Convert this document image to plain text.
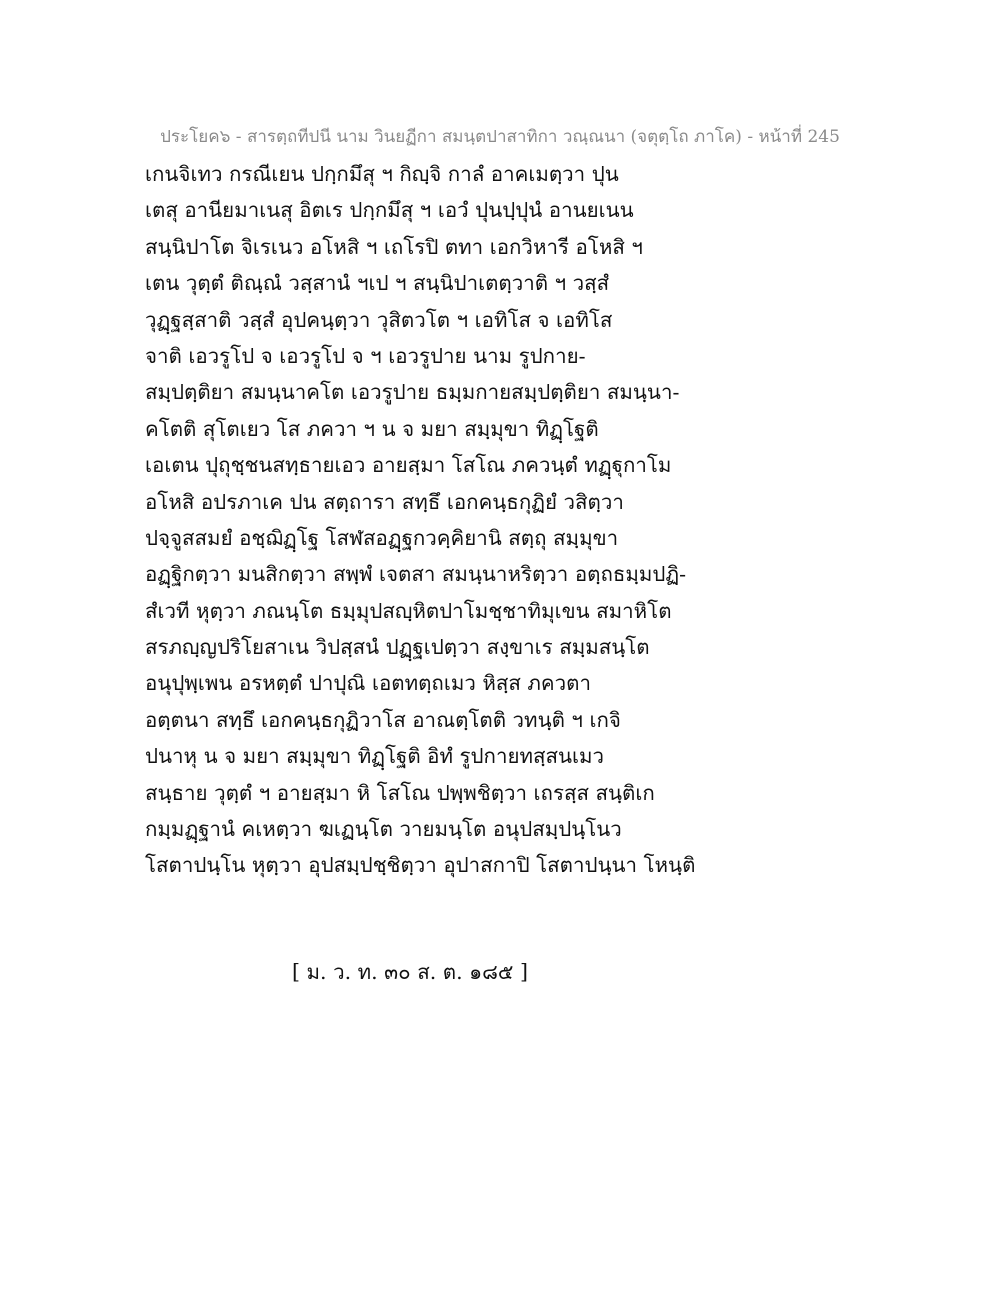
ประโยค๖ - สารตฺถทีปนี นาม วินยฏีกา สมนฺตปาสาทิกา วณฺณนา (จตุตฺโถ ภาโค) - หน้าที่ 245
เกนจิเทว กรณีเยน ปกฺกมึสุ ฯ กิญฺจิ กาลํ อาคเมตฺวา ปุน
เตสุ อานียมาเนสุ อิตเร ปกฺกมึสุ ฯ เอวํ ปุนปฺปุนํ อานยเนน
สนฺนิปาโต จิเรเนว อโหสิ ฯ เถโรปิ ตทา เอกวิหารี อโหสิ ฯ
เตน วุตฺตํ ติณฺณํ วสฺสานํ ฯเป ฯ สนฺนิปาเตตฺวาติ ฯ วสฺสํ
วุฏฺฐสฺสาติ วสฺสํ อุปคนฺตฺวา วุสิตวโต ฯ เอทิโส จ เอทิโส
จาติ เอวรูโป จ เอวรูโป จ ฯ เอวรูปาย นาม รูปกาย-
สมฺปตฺติยา สมนฺนาคโต เอวรูปาย ธมฺมกายสมฺปตฺติยา สมนฺนา-
คโตติ สุโตเยว โส ภควา ฯ น จ มยา สมฺมุขา ทิฏฺโฐติ
เอเตน ปุถุชฺชนสทฺธายเอว อายสฺมา โสโณ ภควนฺตํ ทฏฺฐุกาโม
อโหสิ อปรภาเค ปน สตฺถารา สทฺธึ เอกคนฺธกุฏิยํ วสิตฺวา
ปจฺจูสสมยํ อชฺฌิฏฺโฐ โสฬสอฏฺฐกวคฺคิยานิ สตฺถุ สมฺมุขา
อฏฺฐิกตฺวา มนสิกตฺวา สพฺพํ เจตสา สมนฺนาหริตฺวา อตฺถธมฺมปฏิ-
สํเวที หุตฺวา ภณนฺโต ธมฺมุปสญฺหิตปาโมชฺชาทิมุเขน สมาหิโต
สรภญฺญปริโยสาเน วิปสฺสนํ ปฏฺฐเปตฺวา สงฺขาเร สมฺมสนฺโต
อนุปุพฺเพน อรหตฺตํ ปาปุณิ เอตทตฺถเมว หิสฺส ภควตา
อตฺตนา สทฺธึ เอกคนฺธกุฏิวาโส อาณตฺโตติ วทนฺติ ฯ เกจิ
ปนาหุ น จ มยา สมฺมุขา ทิฏฺโฐติ อิทํ รูปกายทสฺสนเมว
สนฺธาย วุตฺตํ ฯ อายสฺมา หิ โสโณ ปพฺพชิตฺวา เถรสฺส สนฺติเก
กมฺมฏฺฐานํ คเหตฺวา ฆเฏนฺโต วายมนฺโต อนุปสมฺปนฺโนว
โสตาปนฺโน หุตฺวา อุปสมฺปชฺชิตฺวา อุปาสกาปิ โสตาปนฺนา โหนฺติ
[ ม. ว. ท. ๓๐ ส. ต. ๑๘๕ ]
